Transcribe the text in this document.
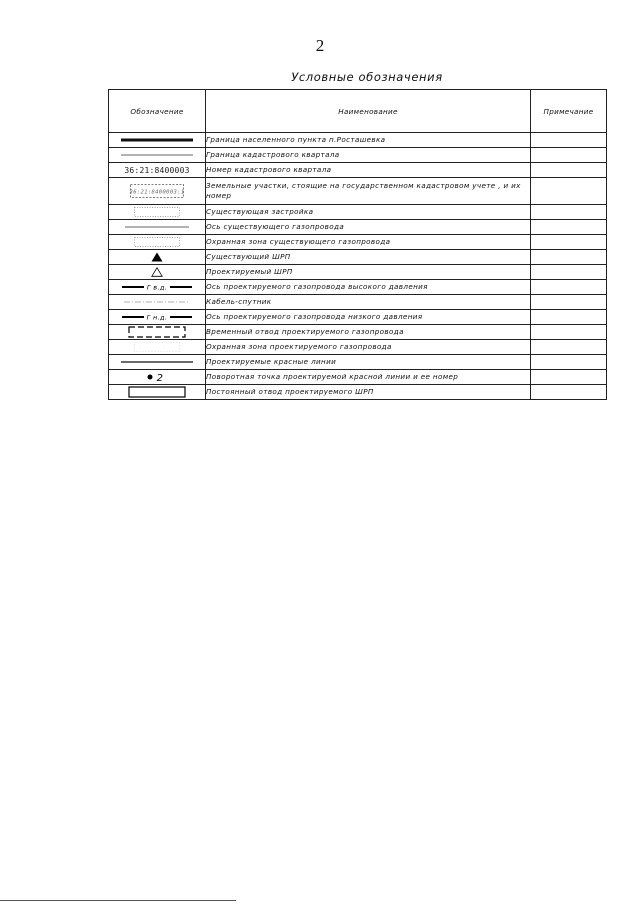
2
Условные обозначения
Обозначение	Наименование	Примечание

	Граница населенного пункта п.Росташевка	

	Граница кадастрового квартала	
36:21:8400003	Номер кадастрового квартала	

36:21:8400003:1	Земельные участки, стоящие на государственном кадастровом учете , и их номер	

	Существующая застройка	

	Ось существующего газопровода	

	Охранная зона существующего газопровода	

	Существующий ШРП	

	Проектируемый ШРП	

Г в.д.	Ось проектируемого газопровода высокого давления	

	Кабель-спутник	

Г н.д.	Ось проектируемого газопровода низкого давления	

	Временный отвод проектируемого газопровода	

	Охранная зона проектируемого газопровода	

	Проектируемые красные линии	

2	Поворотная точка проектируемой красной линии и ее номер	

	Постоянный отвод проектируемого ШРП	
